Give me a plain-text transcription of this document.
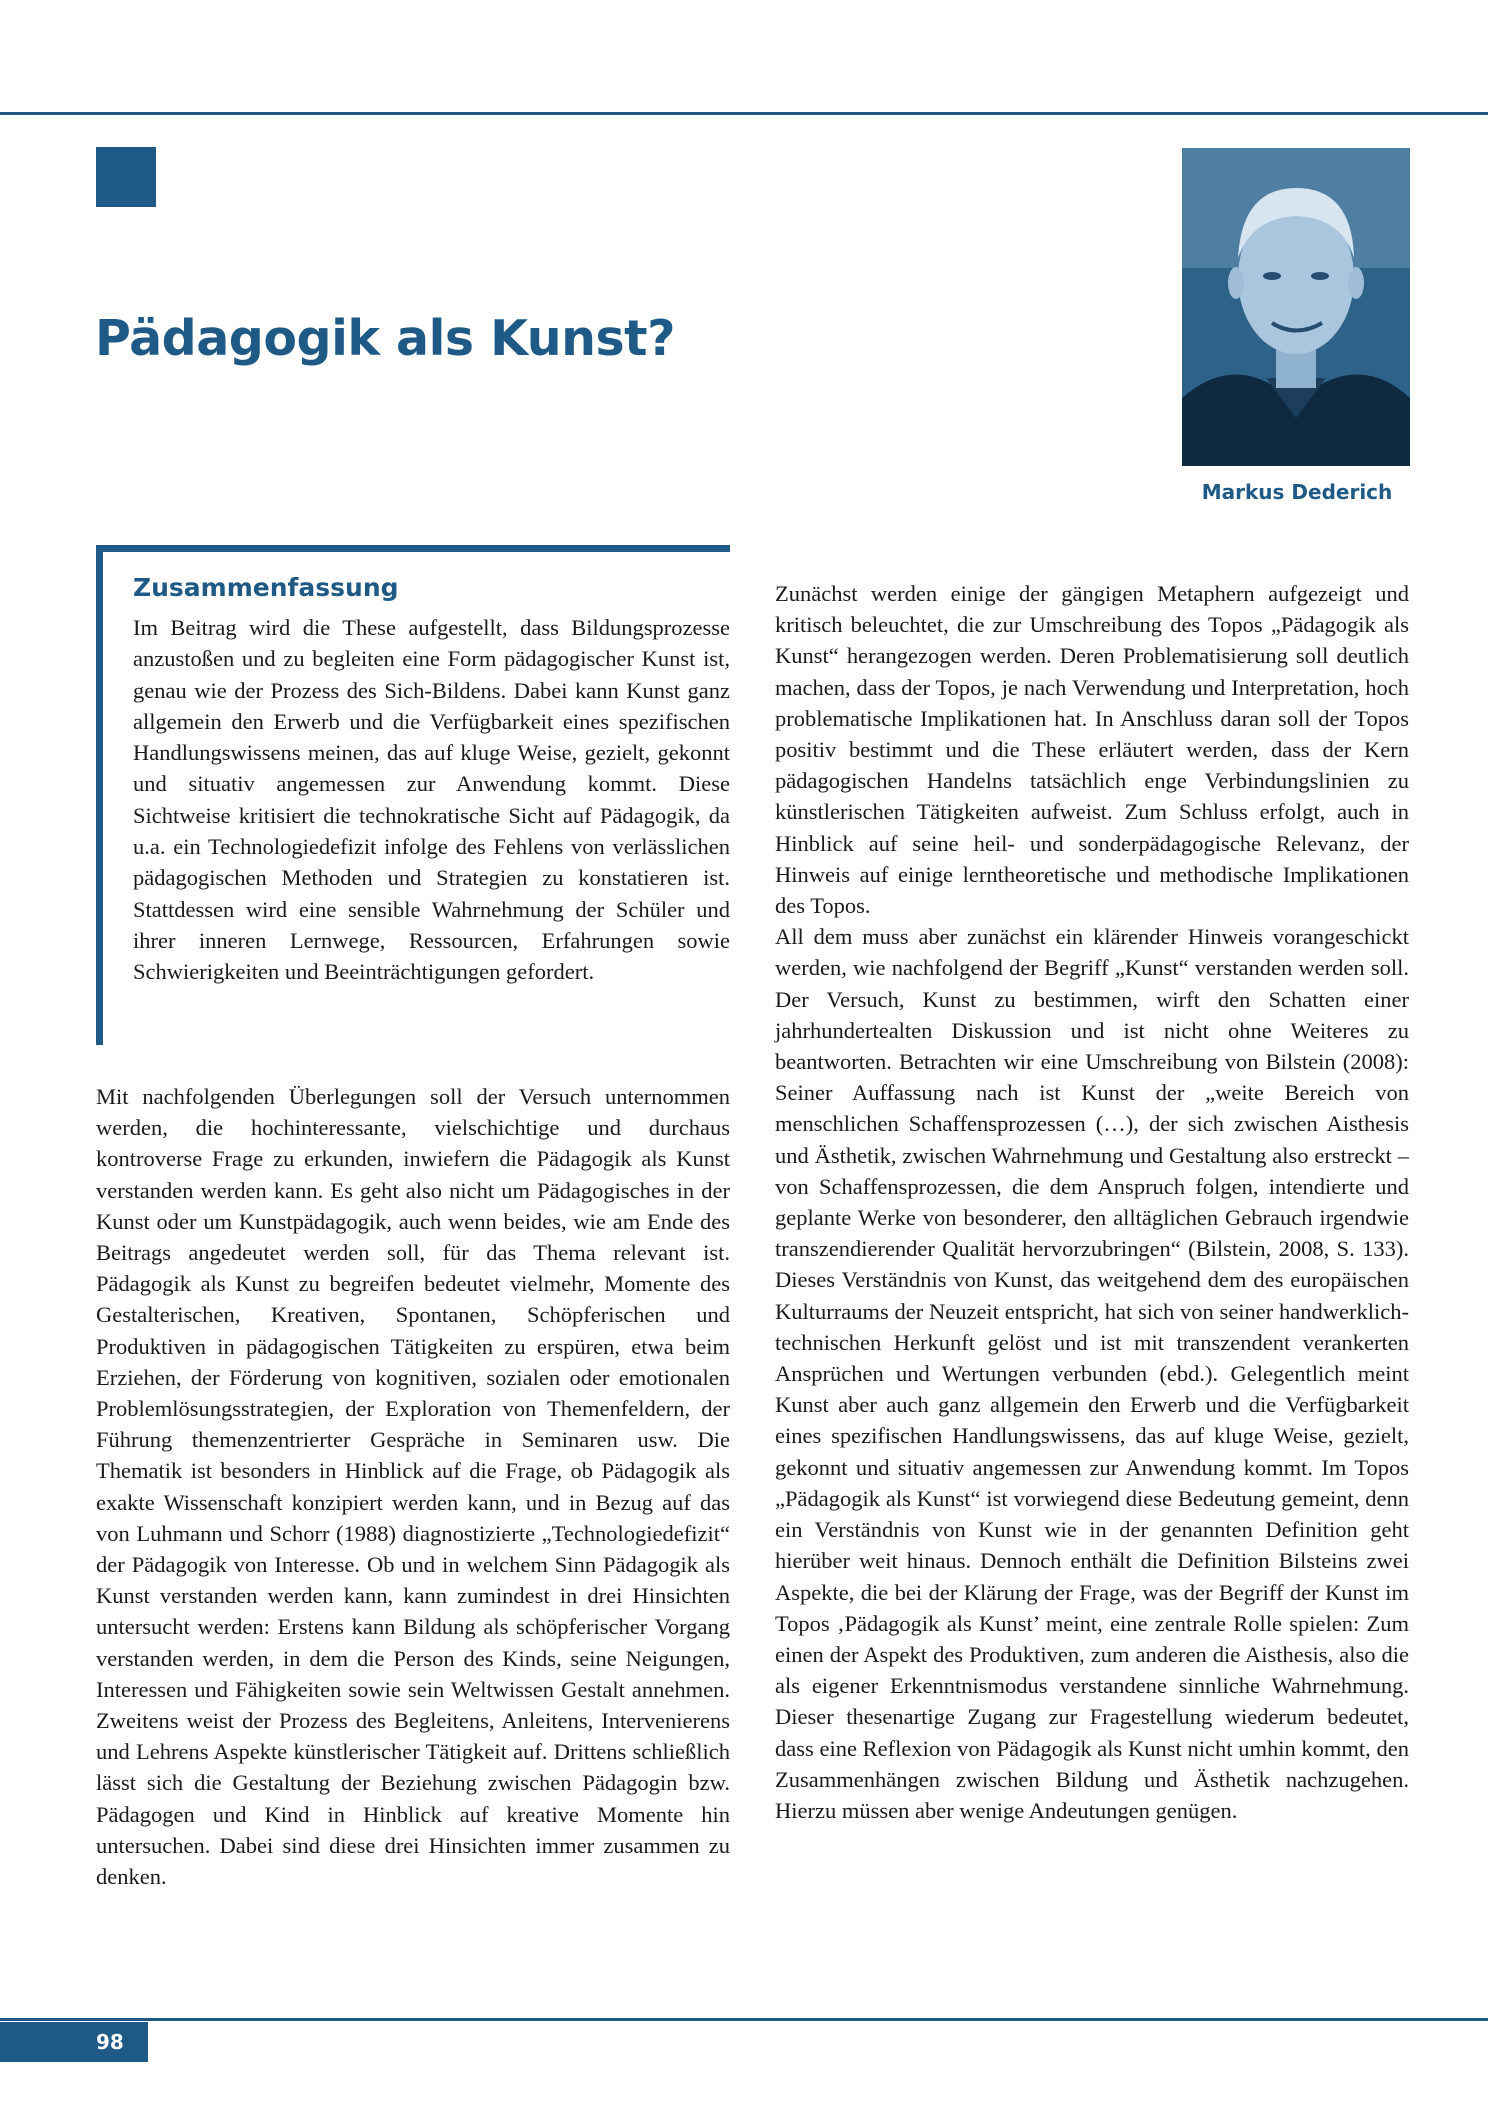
Pädagogik als Kunst?
Markus Dederich
Zusammenfassung

Im Beitrag wird die These aufgestellt, dass Bildungsprozesse anzustoßen und zu begleiten eine Form pädagogischer Kunst ist, genau wie der Prozess des Sich-Bildens. Dabei kann Kunst ganz allgemein den Erwerb und die Verfügbarkeit eines spezifischen Handlungswissens meinen, das auf kluge Weise, gezielt, gekonnt und situativ angemessen zur Anwendung kommt. Diese Sichtweise kritisiert die technokratische Sicht auf Pädagogik, da u.a. ein Technologiedefizit infolge des Fehlens von verlässlichen pädagogischen Methoden und Strategien zu konstatieren ist. Stattdessen wird eine sensible Wahrnehmung der Schüler und ihrer inneren Lernwege, Ressourcen, Erfahrungen sowie Schwierigkeiten und Beeinträchtigungen gefordert.

Mit nachfolgenden Überlegungen soll der Versuch unternommen werden, die hochinteressante, vielschichtige und durchaus kontroverse Frage zu erkunden, inwiefern die Pädagogik als Kunst verstanden werden kann. Es geht also nicht um Pädagogisches in der Kunst oder um Kunstpädagogik, auch wenn beides, wie am Ende des Beitrags angedeutet werden soll, für das Thema relevant ist. Pädagogik als Kunst zu begreifen bedeutet vielmehr, Momente des Gestalterischen, Kreativen, Spontanen, Schöpferischen und Produktiven in pädagogischen Tätigkeiten zu erspüren, etwa beim Erziehen, der Förderung von kognitiven, sozialen oder emotionalen Problemlösungsstrategien, der Exploration von Themenfeldern, der Führung themenzentrierter Gespräche in Seminaren usw. Die Thematik ist besonders in Hinblick auf die Frage, ob Pädagogik als exakte Wissenschaft konzipiert werden kann, und in Bezug auf das von Luhmann und Schorr (1988) diagnostizierte „Technologiedefizit“ der Pädagogik von Interesse. Ob und in welchem Sinn Pädagogik als Kunst verstanden werden kann, kann zumindest in drei Hinsichten untersucht werden: Erstens kann Bildung als schöpferischer Vorgang verstanden werden, in dem die Person des Kinds, seine Neigungen, Interessen und Fähigkeiten sowie sein Weltwissen Gestalt annehmen. Zweitens weist der Prozess des Begleitens, Anleitens, Intervenierens und Lehrens Aspekte künstlerischer Tätigkeit auf. Drittens schließlich lässt sich die Gestaltung der Beziehung zwischen Pädagogin bzw. Pädagogen und Kind in Hinblick auf kreative Momente hin untersuchen. Dabei sind diese drei Hinsichten immer zusammen zu denken.

Zunächst werden einige der gängigen Metaphern aufgezeigt und kritisch beleuchtet, die zur Umschreibung des Topos „Pädagogik als Kunst“ herangezogen werden. Deren Problematisierung soll deutlich machen, dass der Topos, je nach Verwendung und Interpretation, hoch problematische Implikationen hat. In Anschluss daran soll der Topos positiv bestimmt und die These erläutert werden, dass der Kern pädagogischen Handelns tatsächlich enge Verbindungslinien zu künstlerischen Tätigkeiten aufweist. Zum Schluss erfolgt, auch in Hinblick auf seine heil- und sonderpädagogische Relevanz, der Hinweis auf einige lerntheoretische und methodische Implikationen des Topos.

All dem muss aber zunächst ein klärender Hinweis vorangeschickt werden, wie nachfolgend der Begriff „Kunst“ verstanden werden soll. Der Versuch, Kunst zu bestimmen, wirft den Schatten einer jahrhundertealten Diskussion und ist nicht ohne Weiteres zu beantworten. Betrachten wir eine Umschreibung von Bilstein (2008): Seiner Auffassung nach ist Kunst der „weite Bereich von menschlichen Schaffensprozessen (…), der sich zwischen Aisthesis und Ästhetik, zwischen Wahrnehmung und Gestaltung also erstreckt – von Schaffensprozessen, die dem Anspruch folgen, intendierte und geplante Werke von besonderer, den alltäglichen Gebrauch irgendwie transzendierender Qualität hervorzubringen“ (Bilstein, 2008, S. 133). Dieses Verständnis von Kunst, das weitgehend dem des europäischen Kulturraums der Neuzeit entspricht, hat sich von seiner handwerklich-technischen Herkunft gelöst und ist mit transzendent verankerten Ansprüchen und Wertungen verbunden (ebd.). Gelegentlich meint Kunst aber auch ganz allgemein den Erwerb und die Verfügbarkeit eines spezifischen Handlungswissens, das auf kluge Weise, gezielt, gekonnt und situativ angemessen zur Anwendung kommt. Im Topos „Pädagogik als Kunst“ ist vorwiegend diese Bedeutung gemeint, denn ein Verständnis von Kunst wie in der genannten Definition geht hierüber weit hinaus. Dennoch enthält die Definition Bilsteins zwei Aspekte, die bei der Klärung der Frage, was der Begriff der Kunst im Topos ‚Pädagogik als Kunst’ meint, eine zentrale Rolle spielen: Zum einen der Aspekt des Produktiven, zum anderen die Aisthesis, also die als eigener Erkenntnismodus verstandene sinnliche Wahrnehmung. Dieser thesenartige Zugang zur Fragestellung wiederum bedeutet, dass eine Reflexion von Pädagogik als Kunst nicht umhin kommt, den Zusammenhängen zwischen Bildung und Ästhetik nachzugehen. Hierzu müssen aber wenige Andeutungen genügen.

98
